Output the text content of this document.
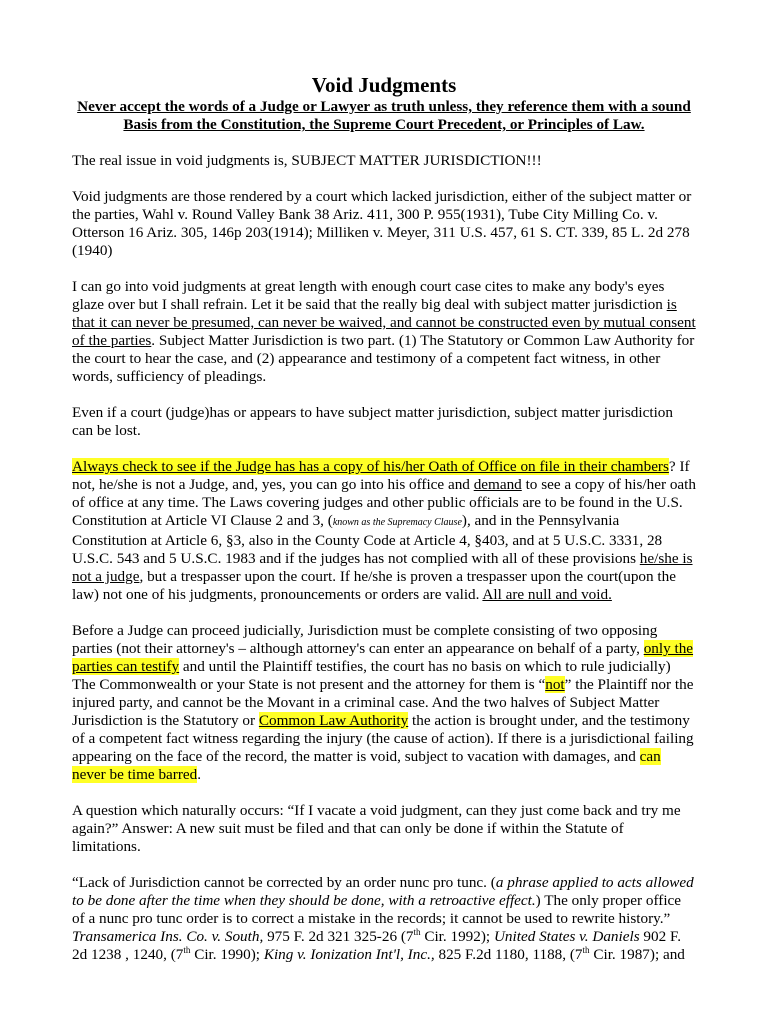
Void Judgments
Never accept the words of a Judge or Lawyer as truth unless, they reference them with a sound Basis from the Constitution, the Supreme Court Precedent, or Principles of Law.

The real issue in void judgments is, SUBJECT MATTER JURISDICTION!!!

Void judgments are those rendered by a court which lacked jurisdiction, either of the subject matter or the parties, Wahl v. Round Valley Bank 38 Ariz. 411, 300 P. 955(1931), Tube City Milling Co. v. Otterson 16 Ariz. 305, 146p 203(1914); Milliken v. Meyer, 311 U.S. 457, 61 S. CT. 339, 85 L. 2d 278 (1940)

I can go into void judgments at great length with enough court case cites to make any body's eyes glaze over but I shall refrain. Let it be said that the really big deal with subject matter jurisdiction is that it can never be presumed, can never be waived, and cannot be constructed even by mutual consent of the parties. Subject Matter Jurisdiction is two part. (1) The Statutory or Common Law Authority for the court to hear the case, and (2) appearance and testimony of a competent fact witness, in other words, sufficiency of pleadings.

Even if a court (judge)has or appears to have subject matter jurisdiction, subject matter jurisdiction can be lost.

Always check to see if the Judge has has a copy of his/her Oath of Office on file in their chambers? If not, he/she is not a Judge, and, yes, you can go into his office and demand to see a copy of his/her oath of office at any time. The Laws covering judges and other public officials are to be found in the U.S. Constitution at Article VI Clause 2 and 3, (known as the Supremacy Clause), and in the Pennsylvania Constitution at Article 6, §3, also in the County Code at Article 4, §403, and at 5 U.S.C. 3331, 28 U.S.C. 543 and 5 U.S.C. 1983 and if the judges has not complied with all of these provisions he/she is not a judge, but a trespasser upon the court. If he/she is proven a trespasser upon the court(upon the law) not one of his judgments, pronouncements or orders are valid. All are null and void.

Before a Judge can proceed judicially, Jurisdiction must be complete consisting of two opposing parties (not their attorney's – although attorney's can enter an appearance on behalf of a party, only the parties can testify and until the Plaintiff testifies, the court has no basis on which to rule judicially) The Commonwealth or your State is not present and the attorney for them is “not” the Plaintiff nor the injured party, and cannot be the Movant in a criminal case. And the two halves of Subject Matter Jurisdiction is the Statutory or Common Law Authority the action is brought under, and the testimony of a competent fact witness regarding the injury (the cause of action). If there is a jurisdictional failing appearing on the face of the record, the matter is void, subject to vacation with damages, and can never be time barred.

A question which naturally occurs: “If I vacate a void judgment, can they just come back and try me again?” Answer: A new suit must be filed and that can only be done if within the Statute of limitations.

“Lack of Jurisdiction cannot be corrected by an order nunc pro tunc. (a phrase applied to acts allowed to be done after the time when they should be done, with a retroactive effect.) The only proper office of a nunc pro tunc order is to correct a mistake in the records; it cannot be used to rewrite history.” Transamerica Ins. Co. v. South, 975 F. 2d 321 325-26 (7th Cir. 1992); United States v. Daniels 902 F. 2d 1238 , 1240, (7th Cir. 1990); King v. Ionization Int'l, Inc., 825 F.2d 1180, 1188, (7th Cir. 1987); and
